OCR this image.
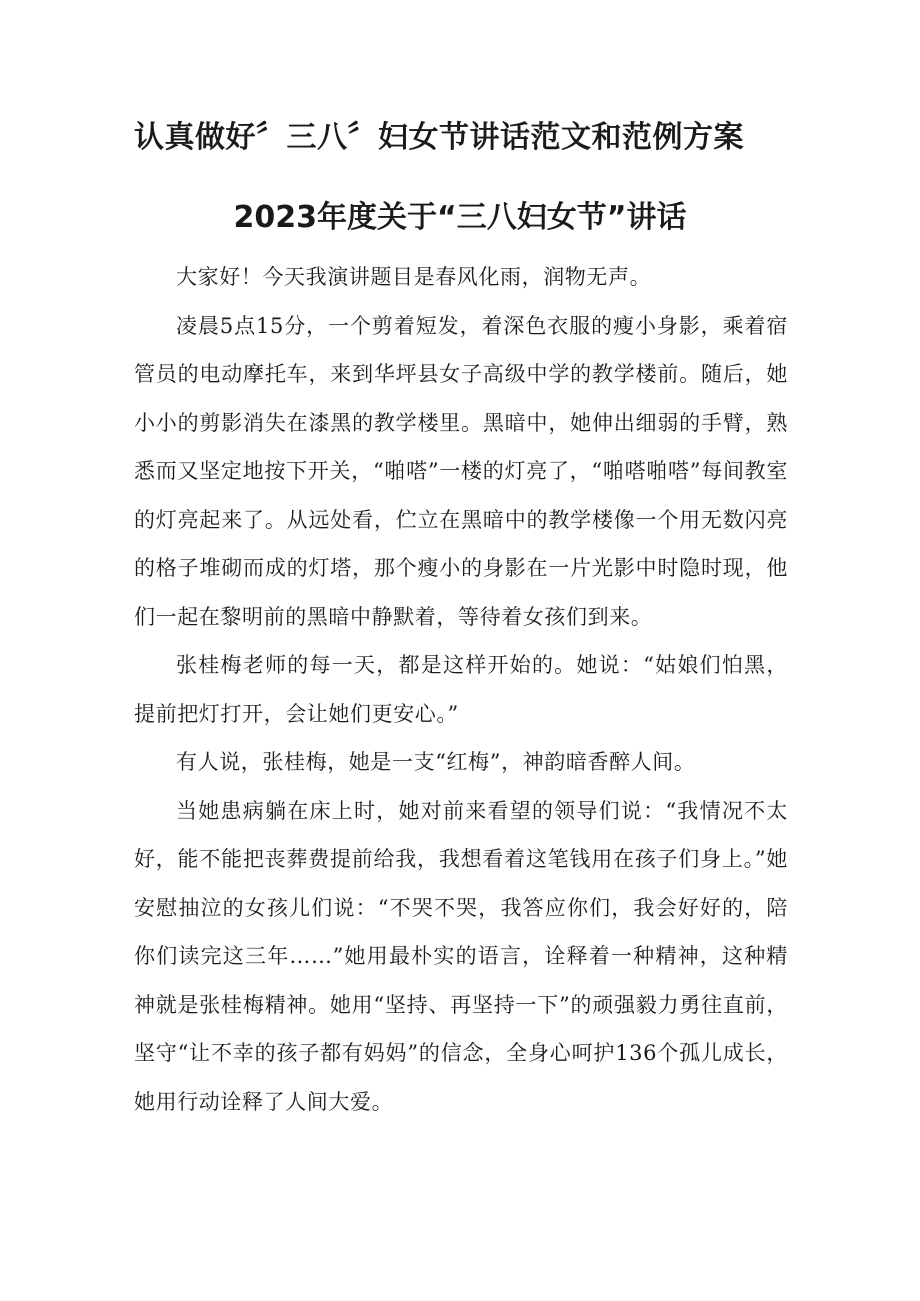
认真做好〞三八〞妇女节讲话范文和范例方案
2023年度关于“三八妇女节”讲话

大家好！今天我演讲题目是春风化雨，润物无声。

凌晨5点15分，一个剪着短发，着深色衣服的瘦小身影，乘着宿管员的电动摩托车，来到华坪县女子高级中学的教学楼前。随后，她小小的剪影消失在漆黑的教学楼里。黑暗中，她伸出细弱的手臂，熟悉而又坚定地按下开关，“啪嗒”一楼的灯亮了，“啪嗒啪嗒”每间教室的灯亮起来了。从远处看，伫立在黑暗中的教学楼像一个用无数闪亮的格子堆砌而成的灯塔，那个瘦小的身影在一片光影中时隐时现，他们一起在黎明前的黑暗中静默着，等待着女孩们到来。

张桂梅老师的每一天，都是这样开始的。她说：“姑娘们怕黑，提前把灯打开，会让她们更安心。”

有人说，张桂梅，她是一支“红梅”，神韵暗香醉人间。

当她患病躺在床上时，她对前来看望的领导们说：“我情况不太好，能不能把丧葬费提前给我，我想看着这笔钱用在孩子们身上。”她安慰抽泣的女孩儿们说：“不哭不哭，我答应你们，我会好好的，陪你们读完这三年……”她用最朴实的语言，诠释着一种精神，这种精神就是张桂梅精神。她用“坚持、再坚持一下”的顽强毅力勇往直前，坚守“让不幸的孩子都有妈妈”的信念，全身心呵护136个孤儿成长，她用行动诠释了人间大爱。
